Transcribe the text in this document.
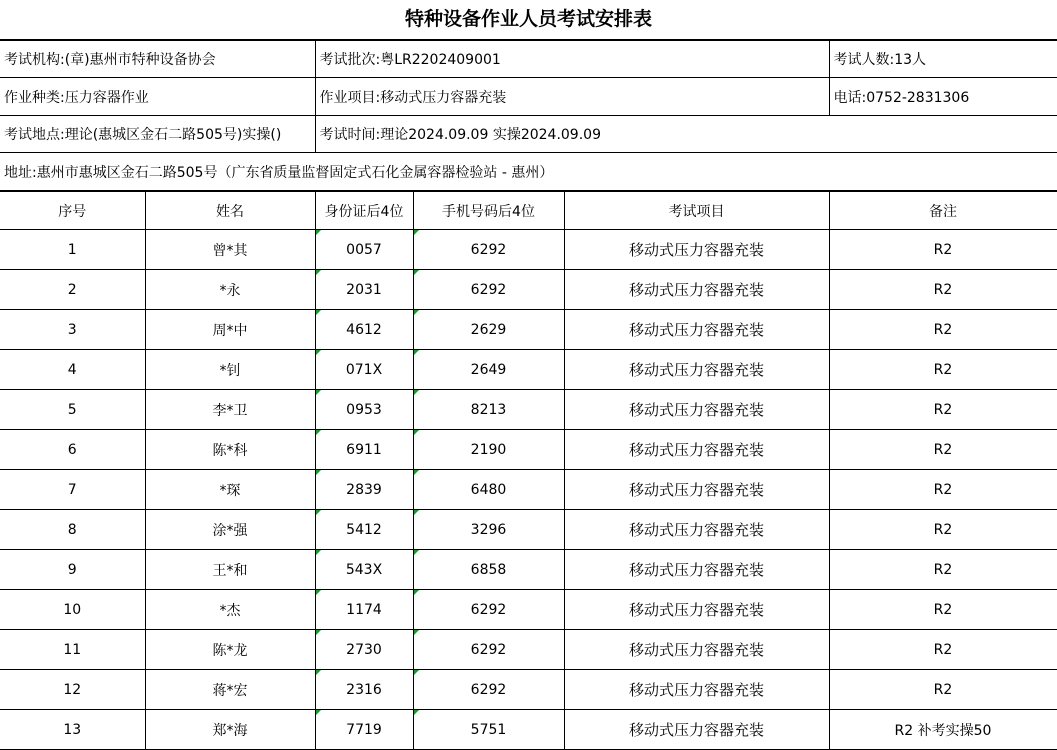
特种设备作业人员考试安排表
考试机构:(章)惠州市特种设备协会	考试批次:粤LR2202409001	考试人数:13人
作业种类:压力容器作业	作业项目:移动式压力容器充装	电话:0752-2831306
考试地点:理论(惠城区金石二路505号)实操()	考试时间:理论2024.09.09 实操2024.09.09	
地址:惠州市惠城区金石二路505号（广东省质量监督固定式石化金属容器检验站 - 惠州）		
序号	姓名	身份证后4位	手机号码后4位	考试项目	备注
1	曾*其	0057	6292	移动式压力容器充装	R2
2	*永	2031	6292	移动式压力容器充装	R2
3	周*中	4612	2629	移动式压力容器充装	R2
4	*钊	071X	2649	移动式压力容器充装	R2
5	李*卫	0953	8213	移动式压力容器充装	R2
6	陈*科	6911	2190	移动式压力容器充装	R2
7	*琛	2839	6480	移动式压力容器充装	R2
8	涂*强	5412	3296	移动式压力容器充装	R2
9	王*和	543X	6858	移动式压力容器充装	R2
10	*杰	1174	6292	移动式压力容器充装	R2
11	陈*龙	2730	6292	移动式压力容器充装	R2
12	蒋*宏	2316	6292	移动式压力容器充装	R2
13	郑*海	7719	5751	移动式压力容器充装	R2 补考实操50
